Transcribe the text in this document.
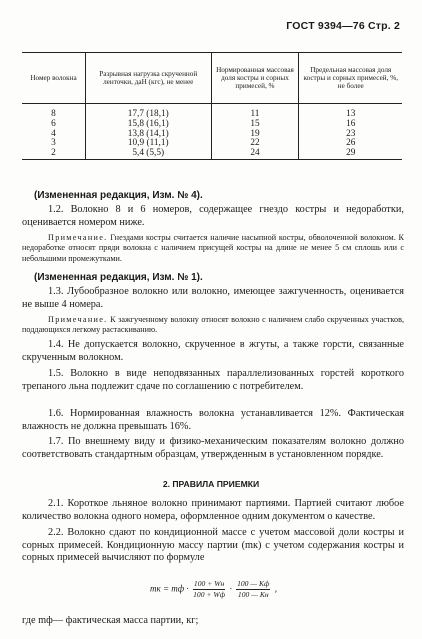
ГОСТ 9394—76 Стр. 2
Номер волокна	Разрывная нагрузка скрученной ленточки, даН (кгс), не менее	Нормированная массовая доля костры и сорных примесей, %	Предельная массовая доля костры и сорных примесей, %, не более
8	17,7 (18,1)	11	13
6	15,8 (16,1)	15	16
4	13,8 (14,1)	19	23
3	10,9 (11,1)	22	26
2	5,4 (5,5)	24	29
(Измененная редакция, Изм. № 4).
1.2. Волокно 8 и 6 номеров, содержащее гнездо костры и недоработки, оценивается номером ниже.
Примечание. Гнездами костры считается наличие насыпной костры, обволоченной волокном. К недоработке относят пряди волокна с наличием присущей костры на длине не менее 5 см сплошь или с небольшими промежутками.
(Измененная редакция, Изм. № 1).
1.3. Лубообразное волокно или волокно, имеющее зажгученность, оценивается не выше 4 номера.
Примечание. К зажгученному волокну относят волокно с наличием слабо скрученных участков, поддающихся легкому растаскиванию.
1.4. Не допускается волокно, скрученное в жгуты, а также горсти, связанные скрученным волокном.
1.5. Волокно в виде неподвязанных параллелизованных горстей короткого трепаного льна подлежит сдаче по соглашению с потребителем.
1.6. Нормированная влажность волокна устанавливается 12%. Фактическая влажность не должна превышать 16%.
1.7. По внешнему виду и физико-механическим показателям волокно должно соответствовать стандартным образцам, утвержденным в установленном порядке.
2. ПРАВИЛА ПРИЕМКИ
2.1. Короткое льняное волокно принимают партиями. Партией считают любое количество волокна одного номера, оформленное одним документом о качестве.
2.2. Волокно сдают по кондиционной массе с учетом массовой доли костры и сорных примесей. Кондиционную массу партии (mк) с учетом содержания костры и сорных примесей вычисляют по формуле
mк = mф · $\frac{100 + Wн}{100 + Wф} \cdot \frac{100 — Кф}{100 — Кн}$ ,
где mф— фактическая масса партии, кг;
